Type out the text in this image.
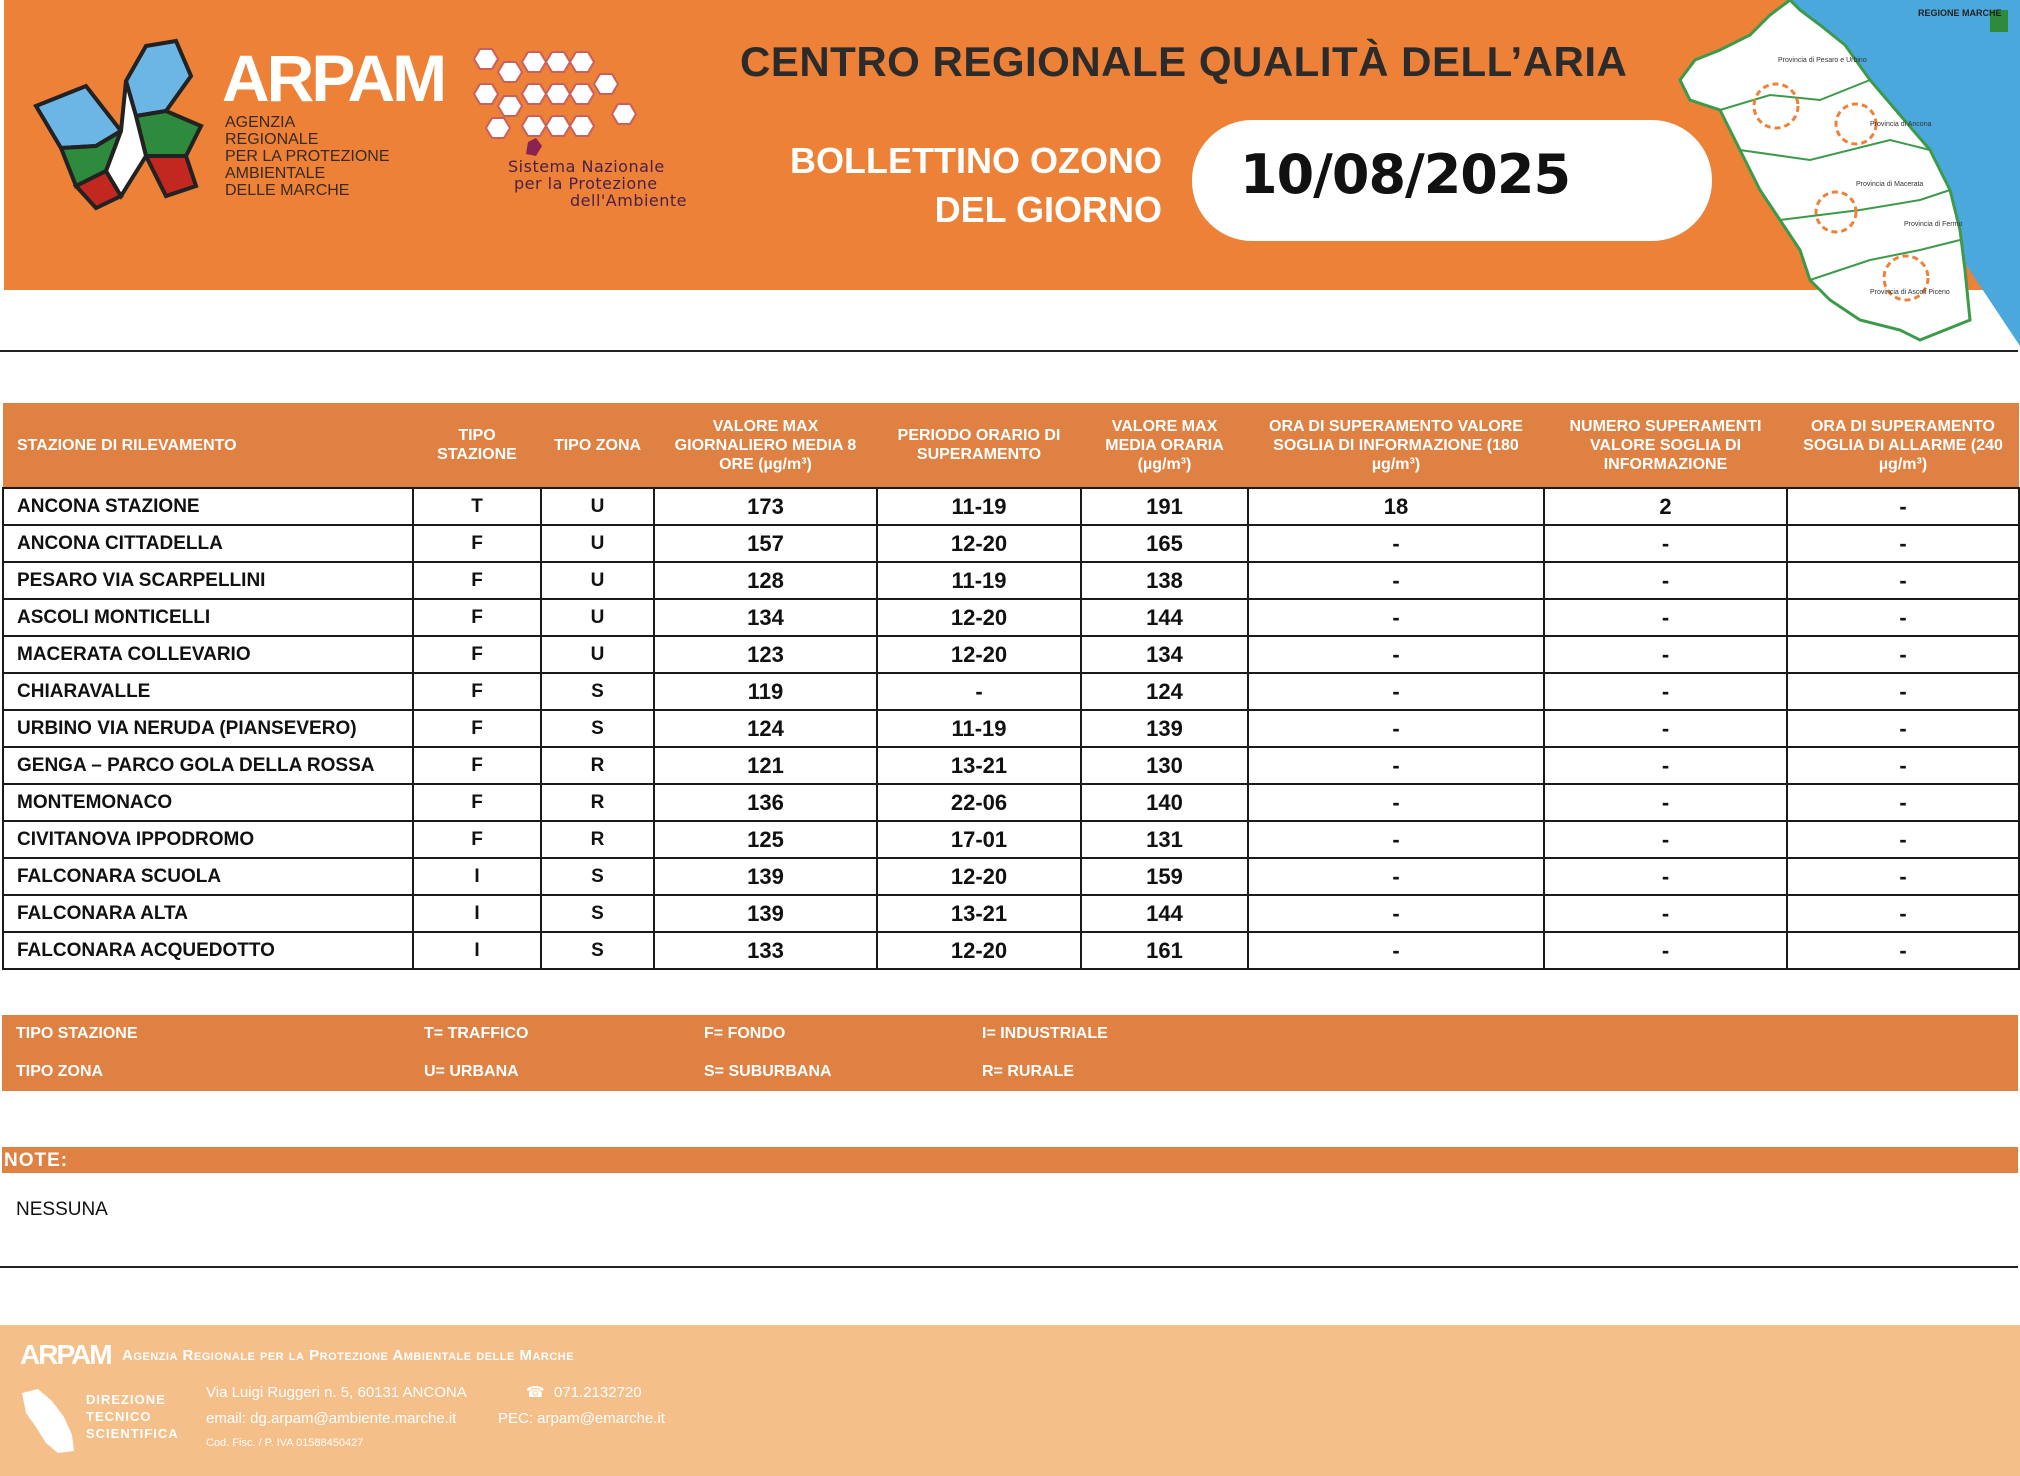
ARPAM
AGENZIA
REGIONALE
PER LA PROTEZIONE
AMBIENTALE
DELLE MARCHE
Sistema Nazionale
per la Protezione
dell'Ambiente
CENTRO REGIONALE QUALITÀ DELL’ARIA
BOLLETTINO OZONO
DEL GIORNO
10/08/2025
Provincia di Pesaro e Urbino
Provincia di Ancona
Provincia di Macerata
Provincia di Fermo
Provincia di Ascoli Piceno
REGIONE MARCHE
STAZIONE DI RILEVAMENTO	TIPO STAZIONE	TIPO ZONA	VALORE MAX GIORNALIERO MEDIA 8 ORE (µg/m³)	PERIODO ORARIO DI SUPERAMENTO	VALORE MAX MEDIA ORARIA (µg/m³)	ORA DI SUPERAMENTO VALORE SOGLIA DI INFORMAZIONE (180 µg/m³)	NUMERO SUPERAMENTI VALORE SOGLIA DI INFORMAZIONE	ORA DI SUPERAMENTO SOGLIA DI ALLARME (240 µg/m³)
ANCONA STAZIONE	T	U	173	11-19	191	18	2	-
ANCONA CITTADELLA	F	U	157	12-20	165	-	-	-
PESARO VIA SCARPELLINI	F	U	128	11-19	138	-	-	-
ASCOLI MONTICELLI	F	U	134	12-20	144	-	-	-
MACERATA COLLEVARIO	F	U	123	12-20	134	-	-	-
CHIARAVALLE	F	S	119	-	124	-	-	-
URBINO VIA NERUDA (PIANSEVERO)	F	S	124	11-19	139	-	-	-
GENGA – PARCO GOLA DELLA ROSSA	F	R	121	13-21	130	-	-	-
MONTEMONACO	F	R	136	22-06	140	-	-	-
CIVITANOVA IPPODROMO	F	R	125	17-01	131	-	-	-
FALCONARA SCUOLA	I	S	139	12-20	159	-	-	-
FALCONARA ALTA	I	S	139	13-21	144	-	-	-
FALCONARA ACQUEDOTTO	I	S	133	12-20	161	-	-	-
TIPO STAZIONE	T= TRAFFICO	F= FONDO	I= INDUSTRIALE
TIPO ZONA	U= URBANA	S= SUBURBANA	R= RURALE
NOTE:
NESSUNA
ARPAM Agenzia Regionale per la Protezione Ambientale delle Marche
DIREZIONE
TECNICO
SCIENTIFICA
Via Luigi Ruggeri n. 5, 60131 ANCONA	☎ 071.2132720
email: dg.arpam@ambiente.marche.it	PEC: arpam@emarche.it
Cod. Fisc. / P. IVA 01588450427
